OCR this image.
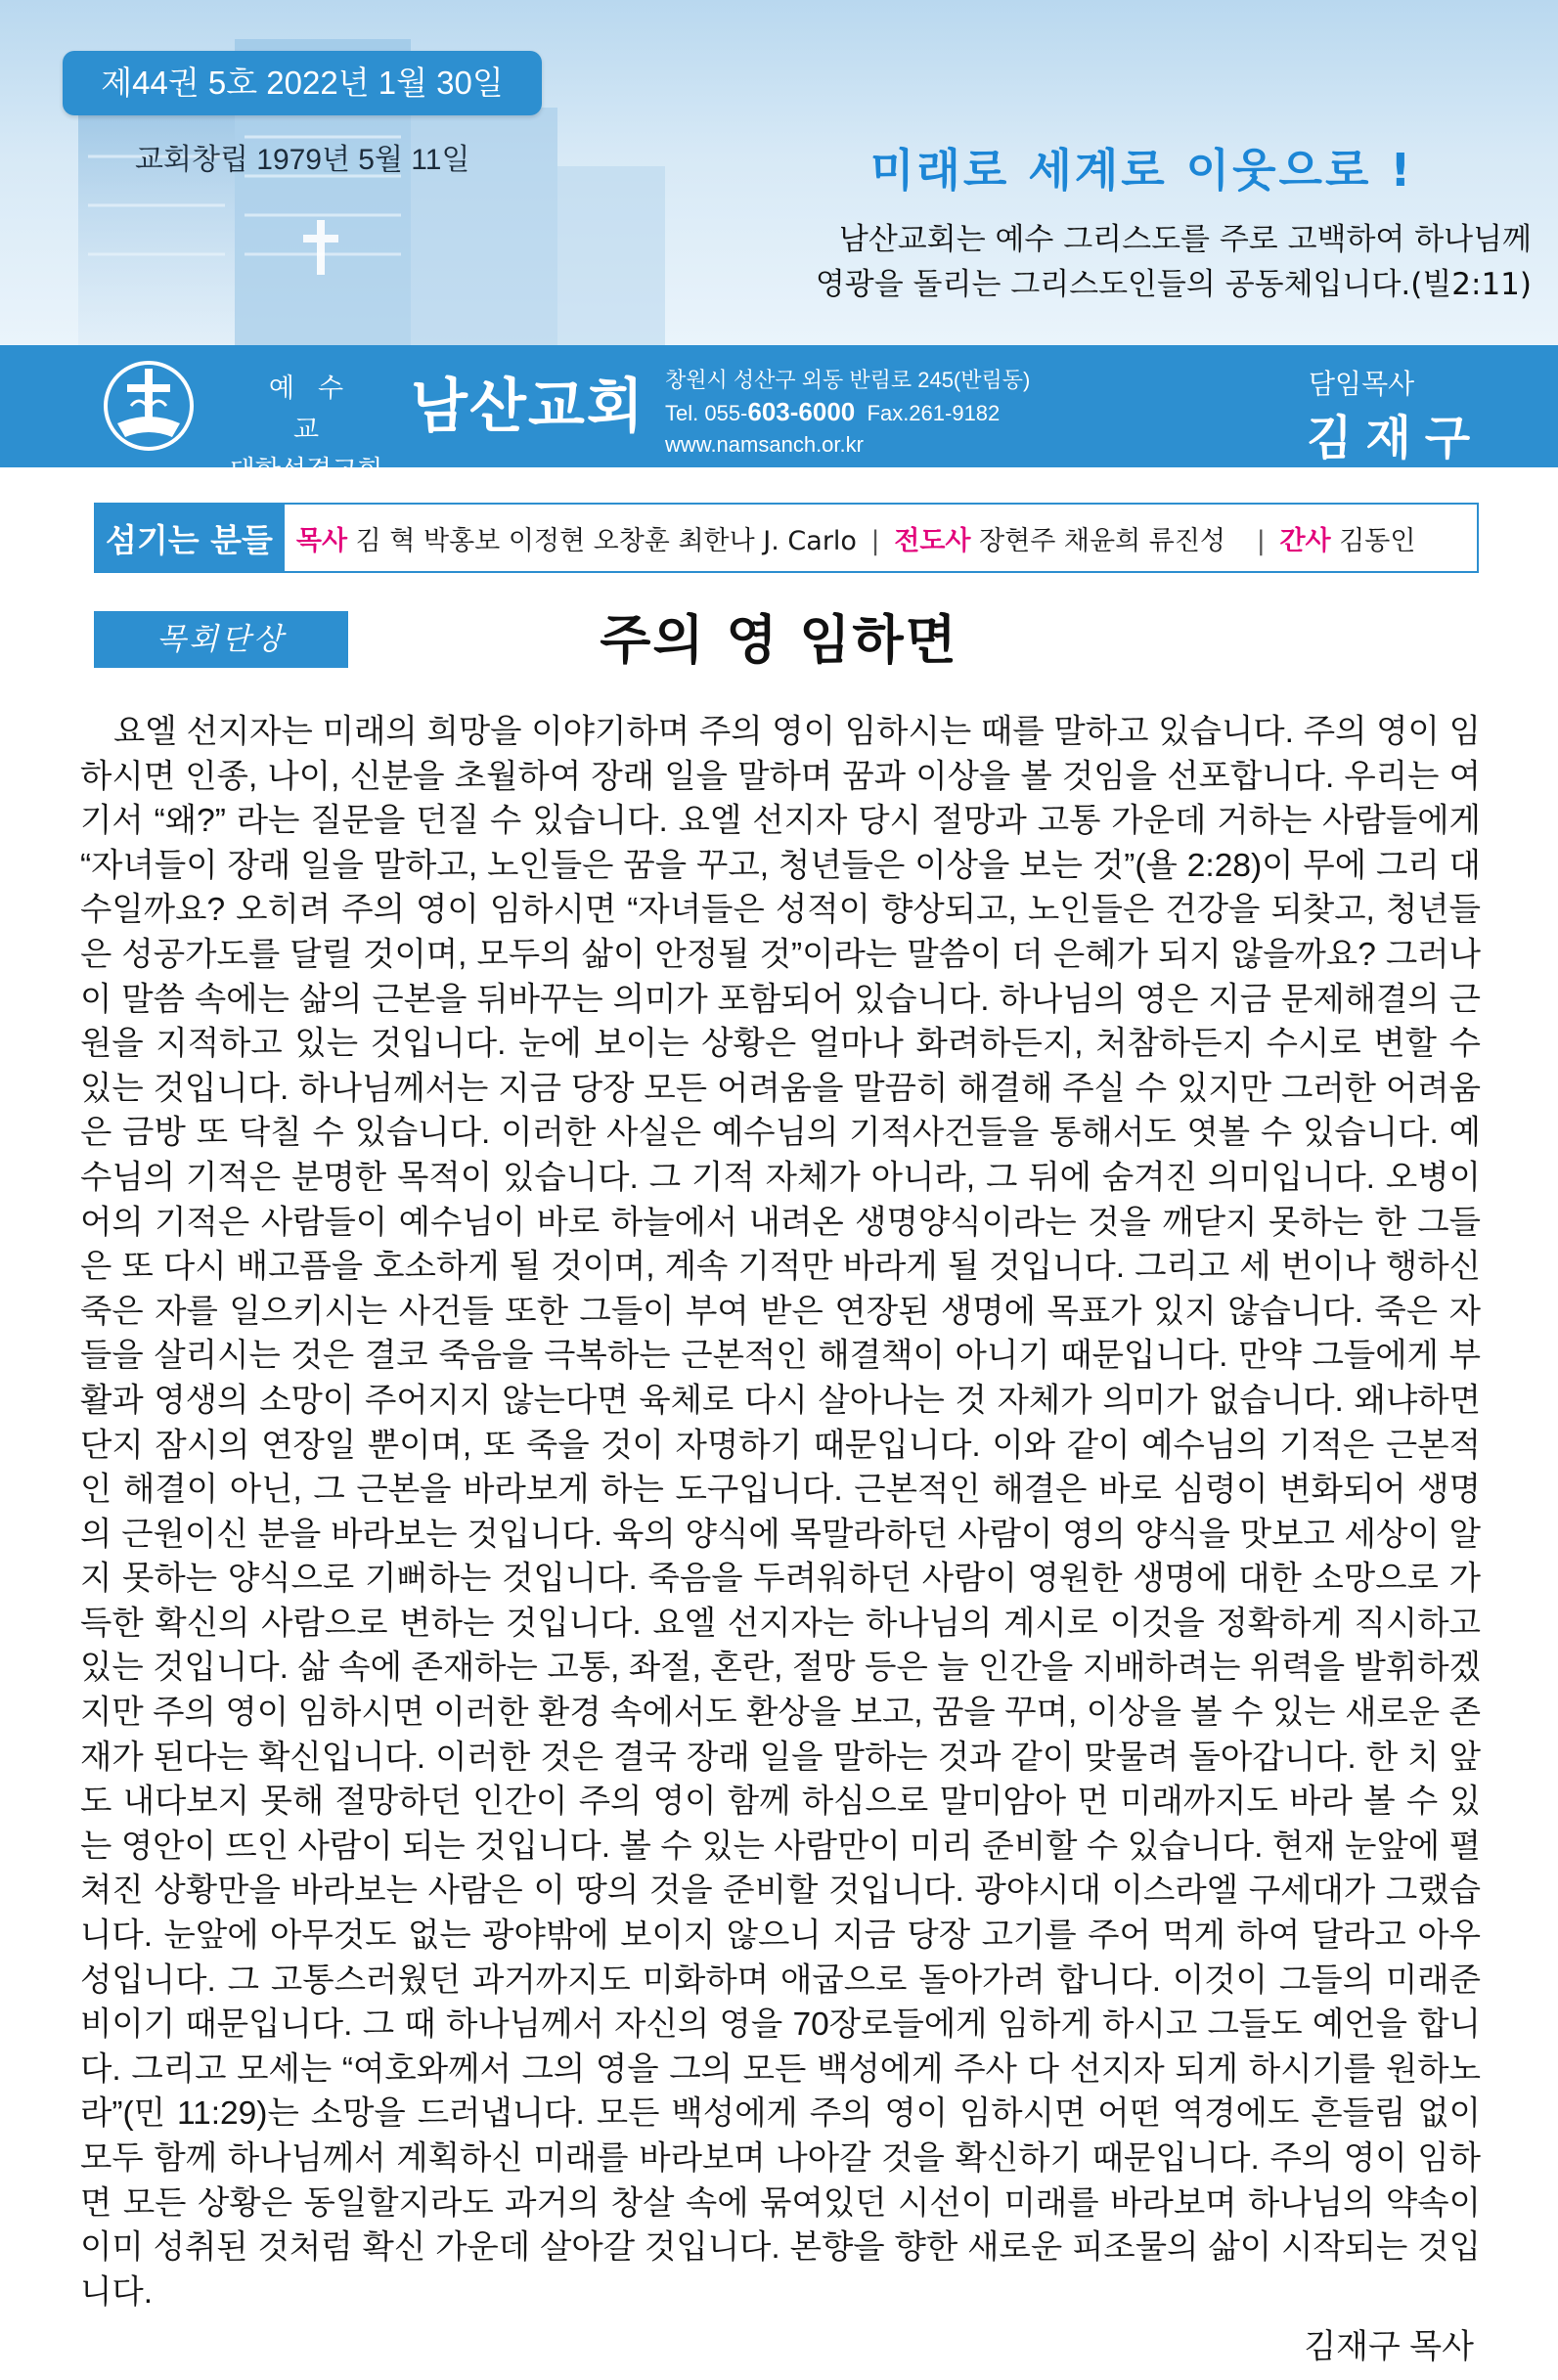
제44권 5호 2022년 1월 30일
교회창립 1979년 5월 11일	미래로 세계로 이웃으로 !
남산교회는 예수 그리스도를 주로 고백하여 하나님께
영광을 돌리는 그리스도인들의 공동체입니다.(빌2:11)
예수교
대한성결교회
남산교회 창원시 성산구 외동 반림로 245(반림동)
Tel. 055-603-6000 Fax.261-9182
www.namsanch.or.kr
담임목사
김재구
섬기는 분들 목사 김 혁 박홍보 이정현 오창훈 최한나 J. Carlo | 전도사 장현주 채윤희 류진성   | 간사 김동인
목회단상	주의 영 임하면
요엘 선지자는 미래의 희망을 이야기하며 주의 영이 임하시는 때를 말하고 있습니다. 주의 영이 임하시면 인종, 나이, 신분을 초월하여 장래 일을 말하며 꿈과 이상을 볼 것임을 선포합니다. 우리는 여기서 “왜?” 라는 질문을 던질 수 있습니다. 요엘 선지자 당시 절망과 고통 가운데 거하는 사람들에게 “자녀들이 장래 일을 말하고, 노인들은 꿈을 꾸고, 청년들은 이상을 보는 것”(욜 2:28)이 무에 그리 대수일까요? 오히려 주의 영이 임하시면 “자녀들은 성적이 향상되고, 노인들은 건강을 되찾고, 청년들은 성공가도를 달릴 것이며, 모두의 삶이 안정될 것”이라는 말씀이 더 은혜가 되지 않을까요? 그러나 이 말씀 속에는 삶의 근본을 뒤바꾸는 의미가 포함되어 있습니다. 하나님의 영은 지금 문제해결의 근원을 지적하고 있는 것입니다. 눈에 보이는 상황은 얼마나 화려하든지, 처참하든지 수시로 변할 수 있는 것입니다. 하나님께서는 지금 당장 모든 어려움을 말끔히 해결해 주실 수 있지만 그러한 어려움은 금방 또 닥칠 수 있습니다. 이러한 사실은 예수님의 기적사건들을 통해서도 엿볼 수 있습니다. 예수님의 기적은 분명한 목적이 있습니다. 그 기적 자체가 아니라, 그 뒤에 숨겨진 의미입니다. 오병이어의 기적은 사람들이 예수님이 바로 하늘에서 내려온 생명양식이라는 것을 깨닫지 못하는 한 그들은 또 다시 배고픔을 호소하게 될 것이며, 계속 기적만 바라게 될 것입니다. 그리고 세 번이나 행하신 죽은 자를 일으키시는 사건들 또한 그들이 부여 받은 연장된 생명에 목표가 있지 않습니다. 죽은 자들을 살리시는 것은 결코 죽음을 극복하는 근본적인 해결책이 아니기 때문입니다. 만약 그들에게 부활과 영생의 소망이 주어지지 않는다면 육체로 다시 살아나는 것 자체가 의미가 없습니다. 왜냐하면 단지 잠시의 연장일 뿐이며, 또 죽을 것이 자명하기 때문입니다. 이와 같이 예수님의 기적은 근본적인 해결이 아닌, 그 근본을 바라보게 하는 도구입니다. 근본적인 해결은 바로 심령이 변화되어 생명의 근원이신 분을 바라보는 것입니다. 육의 양식에 목말라하던 사람이 영의 양식을 맛보고 세상이 알지 못하는 양식으로 기뻐하는 것입니다. 죽음을 두려워하던 사람이 영원한 생명에 대한 소망으로 가득한 확신의 사람으로 변하는 것입니다. 요엘 선지자는 하나님의 계시로 이것을 정확하게 직시하고 있는 것입니다. 삶 속에 존재하는 고통, 좌절, 혼란, 절망 등은 늘 인간을 지배하려는 위력을 발휘하겠지만 주의 영이 임하시면 이러한 환경 속에서도 환상을 보고, 꿈을 꾸며, 이상을 볼 수 있는 새로운 존재가 된다는 확신입니다. 이러한 것은 결국 장래 일을 말하는 것과 같이 맞물려 돌아갑니다. 한 치 앞도 내다보지 못해 절망하던 인간이 주의 영이 함께 하심으로 말미암아 먼 미래까지도 바라 볼 수 있는 영안이 뜨인 사람이 되는 것입니다. 볼 수 있는 사람만이 미리 준비할 수 있습니다. 현재 눈앞에 펼쳐진 상황만을 바라보는 사람은 이 땅의 것을 준비할 것입니다. 광야시대 이스라엘 구세대가 그랬습니다. 눈앞에 아무것도 없는 광야밖에 보이지 않으니 지금 당장 고기를 주어 먹게 하여 달라고 아우성입니다. 그 고통스러웠던 과거까지도 미화하며 애굽으로 돌아가려 합니다. 이것이 그들의 미래준비이기 때문입니다. 그 때 하나님께서 자신의 영을 70장로들에게 임하게 하시고 그들도 예언을 합니다. 그리고 모세는 “여호와께서 그의 영을 그의 모든 백성에게 주사 다 선지자 되게 하시기를 원하노라”(민 11:29)는 소망을 드러냅니다. 모든 백성에게 주의 영이 임하시면 어떤 역경에도 흔들림 없이 모두 함께 하나님께서 계획하신 미래를 바라보며 나아갈 것을 확신하기 때문입니다. 주의 영이 임하면 모든 상황은 동일할지라도 과거의 창살 속에 묶여있던 시선이 미래를 바라보며 하나님의 약속이 이미 성취된 것처럼 확신 가운데 살아갈 것입니다. 본향을 향한 새로운 피조물의 삶이 시작되는 것입니다.
김재구 목사
